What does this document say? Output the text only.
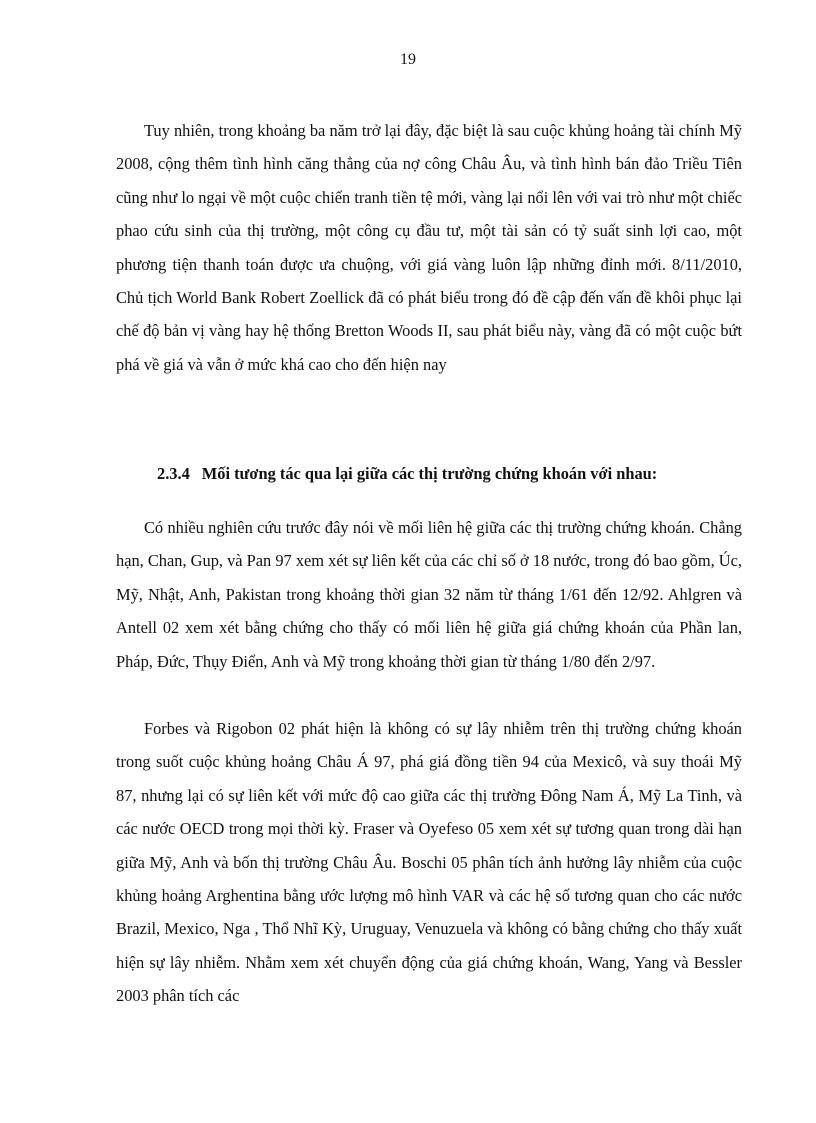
19

Tuy nhiên, trong khoảng ba năm trở lại đây, đặc biệt là sau cuộc khủng hoảng tài chính Mỹ 2008, cộng thêm tình hình căng thẳng của nợ công Châu Âu, và tình hình bán đảo Triều Tiên cũng như lo ngại về một cuộc chiến tranh tiền tệ mới, vàng lại nổi lên với vai trò như một chiếc phao cứu sinh của thị trường, một công cụ đầu tư, một tài sản có tỷ suất sinh lợi cao, một phương tiện thanh toán được ưa chuộng, với giá vàng luôn lập những đỉnh mới. 8/11/2010, Chủ tịch World Bank Robert Zoellick đã có phát biểu trong đó đề cập đến vấn đề khôi phục lại chế độ bản vị vàng hay hệ thống Bretton Woods II, sau phát biểu này, vàng đã có một cuộc bứt phá về giá và vẫn ở mức khá cao cho đến hiện nay

2.3.4 Mối tương tác qua lại giữa các thị trường chứng khoán với nhau:

Có nhiều nghiên cứu trước đây nói về mối liên hệ giữa các thị trường chứng khoán. Chẳng hạn, Chan, Gup, và Pan 97 xem xét sự liên kết của các chỉ số ở 18 nước, trong đó bao gồm, Úc, Mỹ, Nhật, Anh, Pakistan trong khoảng thời gian 32 năm từ tháng 1/61 đến 12/92. Ahlgren và Antell 02 xem xét bằng chứng cho thấy có mối liên hệ giữa giá chứng khoán của Phần lan, Pháp, Đức, Thụy Điển, Anh và Mỹ trong khoảng thời gian từ tháng 1/80 đến 2/97.

Forbes và Rigobon 02 phát hiện là không có sự lây nhiễm trên thị trường chứng khoán trong suốt cuộc khủng hoảng Châu Á 97, phá giá đồng tiền 94 của Mexicô, và suy thoái Mỹ 87, nhưng lại có sự liên kết với mức độ cao giữa các thị trường Đông Nam Á, Mỹ La Tinh, và các nước OECD trong mọi thời kỳ. Fraser và Oyefeso 05 xem xét sự tương quan trong dài hạn giữa Mỹ, Anh và bốn thị trường Châu Âu. Boschi 05 phân tích ảnh hưởng lây nhiễm của cuộc khủng hoảng Arghentina bằng ước lượng mô hình VAR và các hệ số tương quan cho các nước Brazil, Mexico, Nga , Thổ Nhĩ Kỳ, Uruguay, Venuzuela và không có bằng chứng cho thấy xuất hiện sự lây nhiễm. Nhằm xem xét chuyển động của giá chứng khoán, Wang, Yang và Bessler 2003 phân tích các
